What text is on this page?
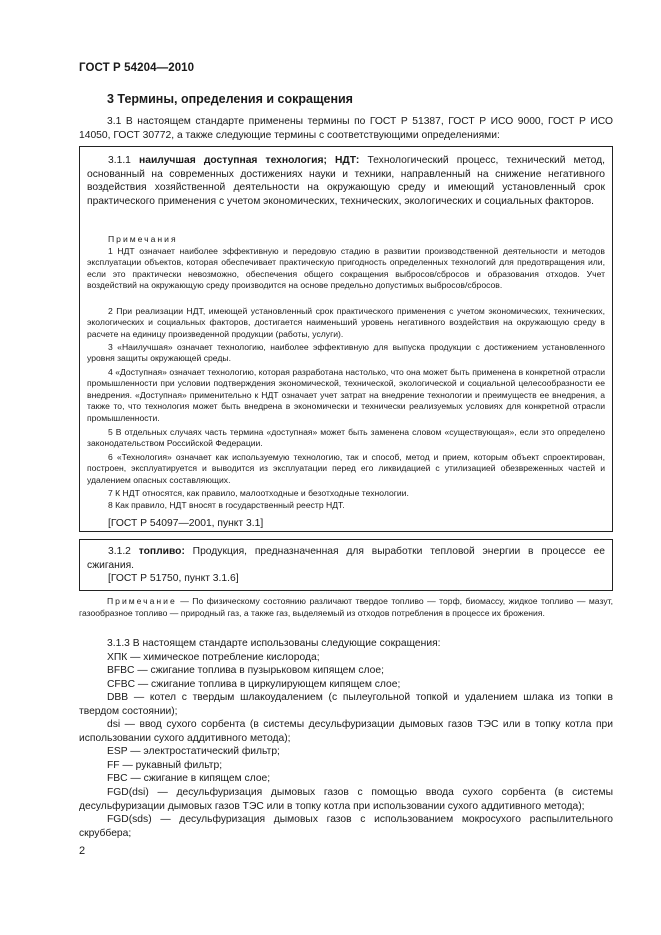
ГОСТ Р 54204—2010
3 Термины, определения и сокращения
3.1 В настоящем стандарте применены термины по ГОСТ Р 51387, ГОСТ Р ИСО 9000, ГОСТ Р ИСО 14050, ГОСТ 30772, а также следующие термины с соответствующими определениями:
3.1.1 наилучшая доступная технология; НДТ: Технологический процесс, технический метод, основанный на современных достижениях науки и техники, направленный на снижение негативного воздействия хозяйственной деятельности на окружающую среду и имеющий установленный срок практического применения с учетом экономических, технических, экологических и социальных факторов.
Примечания
1 НДТ означает наиболее эффективную и передовую стадию в развитии производственной деятельности и методов эксплуатации объектов, которая обеспечивает практическую пригодность определенных технологий для предотвращения или, если это практически невозможно, обеспечения общего сокращения выбросов/сбросов и образования отходов. Учет воздействий на окружающую среду производится на основе предельно допустимых выбросов/сбросов.
2 При реализации НДТ, имеющей установленный срок практического применения с учетом экономических, технических, экологических и социальных факторов, достигается наименьший уровень негативного воздействия на окружающую среду в расчете на единицу произведенной продукции (работы, услуги).
3 «Наилучшая» означает технологию, наиболее эффективную для выпуска продукции с достижением установленного уровня защиты окружающей среды.
4 «Доступная» означает технологию, которая разработана настолько, что она может быть применена в конкретной отрасли промышленности при условии подтверждения экономической, технической, экологической и социальной целесообразности ее внедрения. «Доступная» применительно к НДТ означает учет затрат на внедрение технологии и преимуществ ее внедрения, а также то, что технология может быть внедрена в экономически и технически реализуемых условиях для конкретной отрасли промышленности.
5 В отдельных случаях часть термина «доступная» может быть заменена словом «существующая», если это определено законодательством Российской Федерации.
6 «Технология» означает как используемую технологию, так и способ, метод и прием, которым объект спроектирован, построен, эксплуатируется и выводится из эксплуатации перед его ликвидацией с утилизацией обезвреженных частей и удалением опасных составляющих.
7 К НДТ относятся, как правило, малоотходные и безотходные технологии.
8 Как правило, НДТ вносят в государственный реестр НДТ.
[ГОСТ Р 54097—2001, пункт 3.1]
3.1.2 топливо: Продукция, предназначенная для выработки тепловой энергии в процессе ее сжигания.
[ГОСТ Р 51750, пункт 3.1.6]
Примечание — По физическому состоянию различают твердое топливо — торф, биомассу, жидкое топливо — мазут, газообразное топливо — природный газ, а также газ, выделяемый из отходов потребления в процессе их брожения.
3.1.3 В настоящем стандарте использованы следующие сокращения:
ХПК — химическое потребление кислорода;
BFBC — сжигание топлива в пузырьковом кипящем слое;
CFBC — сжигание топлива в циркулирующем кипящем слое;
DBB — котел с твердым шлакоудалением (с пылеугольной топкой и удалением шлака из топки в твердом состоянии);
dsi — ввод сухого сорбента (в системы десульфуризации дымовых газов ТЭС или в топку котла при использовании сухого аддитивного метода);
ESP — электростатический фильтр;
FF — рукавный фильтр;
FBC — сжигание в кипящем слое;
FGD(dsi) — десульфуризация дымовых газов с помощью ввода сухого сорбента (в системы десульфуризации дымовых газов ТЭС или в топку котла при использовании сухого аддитивного метода);
FGD(sds) — десульфуризация дымовых газов с использованием мокросухого распылительного скруббера;
2
